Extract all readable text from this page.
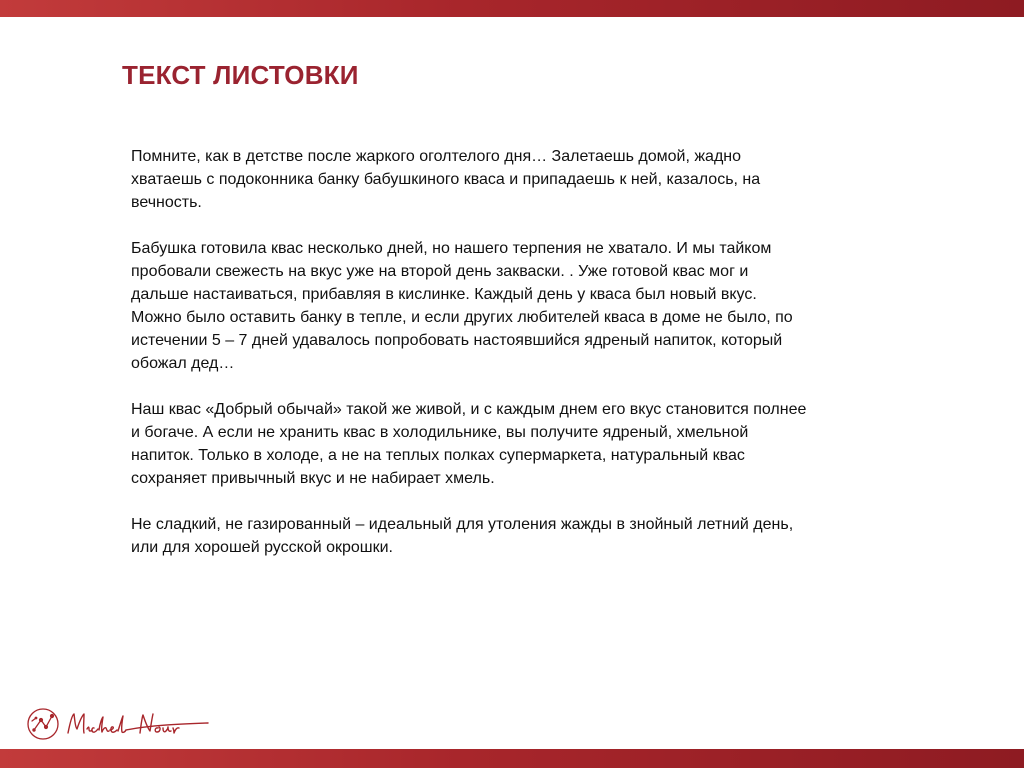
ТЕКСТ ЛИСТОВКИ

Помните, как в детстве после жаркого оголтелого дня… Залетаешь домой, жадно
хватаешь с подоконника банку бабушкиного кваса и припадаешь к ней, казалось, на
вечность.

Бабушка готовила квас несколько дней, но нашего терпения не хватало. И мы тайком
пробовали свежесть на вкус уже на второй день закваски. . Уже готовой квас мог и
дальше настаиваться, прибавляя в кислинке. Каждый день у кваса был новый вкус.
Можно было оставить банку в тепле, и если других любителей кваса в доме не было, по
истечении 5 – 7 дней удавалось попробовать настоявшийся ядреный напиток, который
обожал дед…

Наш квас «Добрый обычай» такой же живой, и с каждым днем его вкус становится полнее
и богаче. А если не хранить квас в холодильнике, вы получите ядреный, хмельной
напиток. Только в холоде, а не на теплых полках супермаркета, натуральный квас
сохраняет привычный вкус и не набирает хмель.

Не сладкий, не газированный – идеальный для утоления жажды в знойный летний день,
или для хорошей русской окрошки.
